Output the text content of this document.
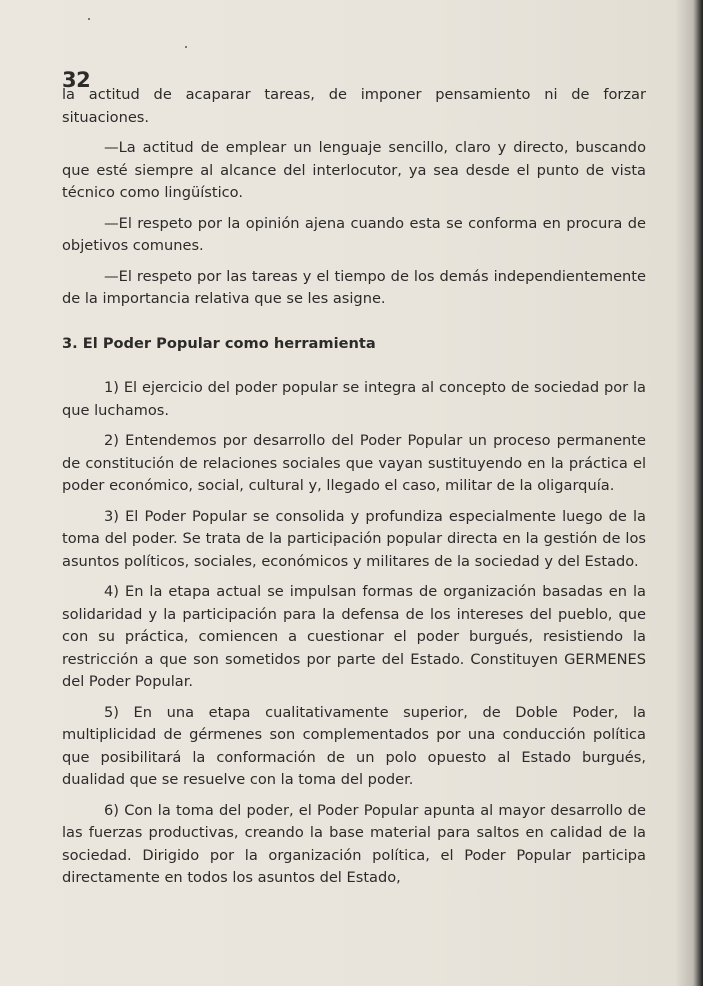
32

la actitud de acaparar tareas, de imponer pensamiento ni de forzar situaciones.

—La actitud de emplear un lenguaje sencillo, claro y directo, buscando que esté siempre al alcance del interlocutor, ya sea desde el punto de vista técnico como lingüístico.

—El respeto por la opinión ajena cuando esta se conforma en procura de objetivos comunes.

—El respeto por las tareas y el tiempo de los demás independientemente de la importancia relativa que se les asigne.

3. El Poder Popular como herramienta

1) El ejercicio del poder popular se integra al concepto de sociedad por la que luchamos.

2) Entendemos por desarrollo del Poder Popular un proceso permanente de constitución de relaciones sociales que vayan sustituyendo en la práctica el poder económico, social, cultural y, llegado el caso, militar de la oligarquía.

3) El Poder Popular se consolida y profundiza especialmente luego de la toma del poder. Se trata de la participación popular directa en la gestión de los asuntos políticos, sociales, económicos y militares de la sociedad y del Estado.

4) En la etapa actual se impulsan formas de organización basadas en la solidaridad y la participación para la defensa de los intereses del pueblo, que con su práctica, comiencen a cuestionar el poder burgués, resistiendo la restricción a que son sometidos por parte del Estado. Constituyen GERMENES del Poder Popular.

5) En una etapa cualitativamente superior, de Doble Poder, la multiplicidad de gérmenes son complementados por una conducción política que posibilitará la conformación de un polo opuesto al Estado burgués, dualidad que se resuelve con la toma del poder.

6) Con la toma del poder, el Poder Popular apunta al mayor desarrollo de las fuerzas productivas, creando la base material para saltos en calidad de la sociedad. Dirigido por la organización política, el Poder Popular participa directamente en todos los asuntos del Estado,
